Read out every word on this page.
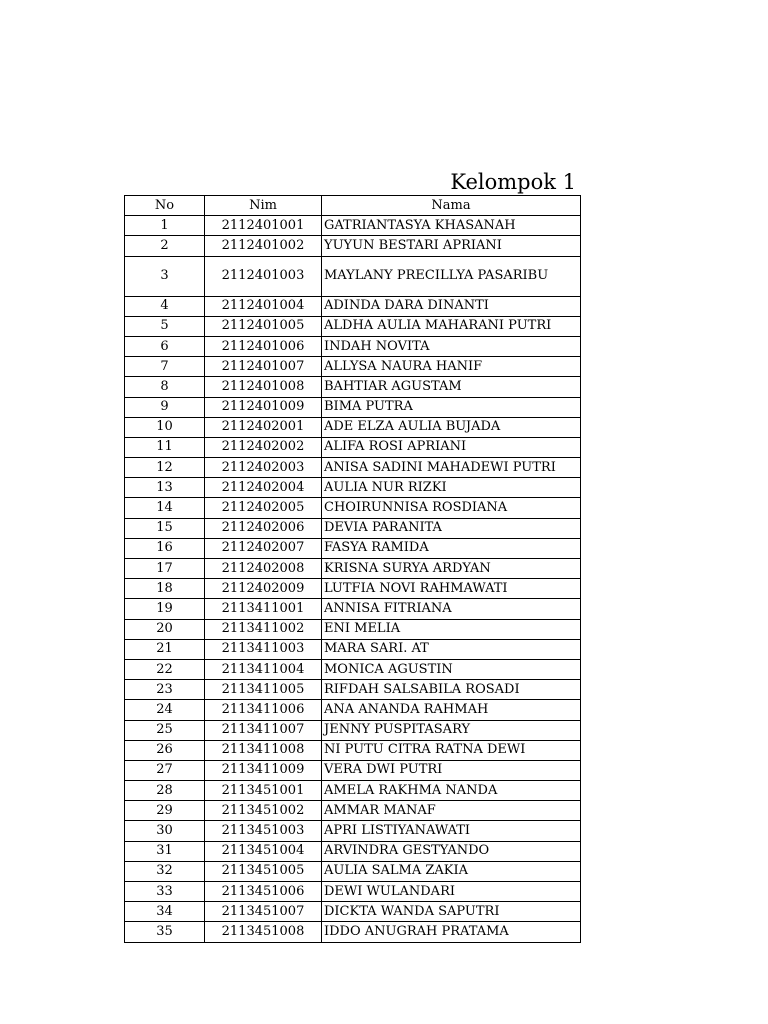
Kelompok 1
No	Nim	Nama
1	2112401001	GATRIANTASYA KHASANAH
2	2112401002	YUYUN BESTARI APRIANI
3	2112401003	MAYLANY PRECILLYA PASARIBU
4	2112401004	ADINDA DARA DINANTI
5	2112401005	ALDHA AULIA MAHARANI PUTRI
6	2112401006	INDAH NOVITA
7	2112401007	ALLYSA NAURA HANIF
8	2112401008	BAHTIAR AGUSTAM
9	2112401009	BIMA PUTRA
10	2112402001	ADE ELZA AULIA BUJADA
11	2112402002	ALIFA ROSI APRIANI
12	2112402003	ANISA SADINI MAHADEWI PUTRI
13	2112402004	AULIA NUR RIZKI
14	2112402005	CHOIRUNNISA ROSDIANA
15	2112402006	DEVIA PARANITA
16	2112402007	FASYA RAMIDA
17	2112402008	KRISNA SURYA ARDYAN
18	2112402009	LUTFIA NOVI RAHMAWATI
19	2113411001	ANNISA FITRIANA
20	2113411002	ENI MELIA
21	2113411003	MARA SARI. AT
22	2113411004	MONICA AGUSTIN
23	2113411005	RIFDAH SALSABILA ROSADI
24	2113411006	ANA ANANDA RAHMAH
25	2113411007	JENNY PUSPITASARY
26	2113411008	NI PUTU CITRA RATNA DEWI
27	2113411009	VERA DWI PUTRI
28	2113451001	AMELA RAKHMA NANDA
29	2113451002	AMMAR MANAF
30	2113451003	APRI LISTIYANAWATI
31	2113451004	ARVINDRA GESTYANDO
32	2113451005	AULIA SALMA ZAKIA
33	2113451006	DEWI WULANDARI
34	2113451007	DICKTA WANDA SAPUTRI
35	2113451008	IDDO ANUGRAH PRATAMA
